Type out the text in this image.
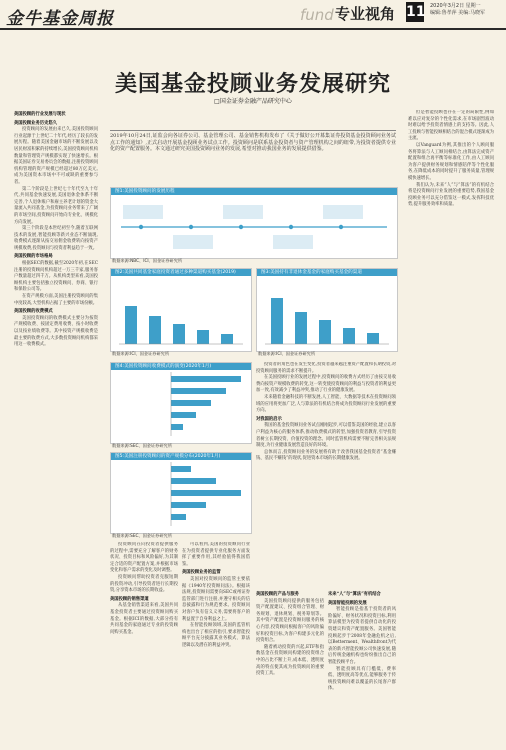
金牛基金周报	fund 专业视角 11 2020年3月2日 星期一
编辑:鲁孝萍 美编:马晓军
美国基金投顾业务发展研究
□国金证券金融产品研究中心

美国投顾的行业发展与现状

美国投顾业务历史悠久

投资顾问的发展由来已久,美国投资顾问行业起源于上世纪二十年代,经历了较长的发展历程。随着美国金融市场的不断发展以及居民财富积累的持续增长,美国投资顾问机构数量和管理资产规模都实现了快速增长。根据美国证券交易委员会的数据,注册投资顾问机构管理的资产规模已经超过80万亿美元,成为美国资本市场中不可或缺的重要参与者。

第二个阶段是上世纪七十年代至九十年代,共同基金快速发展,美国退休金体系不断完善,个人退休账户和雇主养老计划的资金大量流入共同基金,为投资顾问业务带来了广阔的市场空间,投资顾问开始向专业化、规模化方向发展。

第三个阶段是本世纪初至今,随着互联网技术的发展,智能投顾等新兴业态不断涌现,收费模式逐渐从按交易佣金收费转向按资产规模收费,投资顾问与投资者利益趋于一致。

美国投顾的市场格局

根据SEC的数据,截至2020年初,在SEC注册的投资顾问机构超过一万三千家,服务客户数量超过四千万。从机构类型来看,美国投顾机构主要包括独立投资顾问、券商、银行和保险公司等。

在资产规模方面,美国注册投资顾问的集中度较高,大型机构占据了主要的市场份额。

美国投顾的收费模式

美国投资顾问的收费模式主要分为按资产规模收费、按固定费用收费、按小时收费以及按业绩收费等。其中按资产规模收费是最主要的收费方式,大多数投资顾问机构都采用这一收费模式。

2019年10月24日,证监会向各证券公司、基金管理公司、基金销售机构发布了《关于做好公开募集证券投资基金投资顾问业务试点工作的通知》,正式启动开展基金投顾业务试点工作。投资顾问是联系基金投资者与资产管理机构之间的纽带,为投资者提供专业化的资产配置服务。本文通过研究美国投资顾问业务的发展,希望对推动我国业务的发展提供借鉴。
图1:美国投资顾问的发展历程
数据来源:NBC、ICI、国金证券研究所
图2:美国共同基金家庭投资者通过多种渠道购买基金(2019)
数据来源:ICI、国金证券研究所
图3:美国持有非退休金基金的家庭购买基金的渠道
数据来源:ICI、国金证券研究所
图4:美国投资顾问收费模式的演变(2020年1月)
数据来源:SEC、国金证券研究所
图5:美国注册投资顾问的资产规模分布(2020年1月)
数据来源:SEC、国金证券研究所

投资顾问在向投资者提供服务的过程中,需要充分了解客户的财务状况、投资目标和风险偏好,为其制定合适的资产配置方案,并根据市场变化和客户需求的变化及时调整。

投资顾问帮助投资者克服短期的投资冲动,引导投资者进行长期投资,分享资本市场的长期收益。

美国投顾的销售渠道

从基金销售渠道来看,美国共同基金投资者主要通过投资顾问购买基金。根据ICI的数据,大部分持有共同基金的家庭通过专业的投资顾问购买基金。

可以看到,美国的投资顾问行业在为投资者提供专业化服务方面发挥了重要作用,其经验值得我国借鉴。

美国投顾业务的监管

美国对投资顾问的监管主要依据《1940年投资顾问法》。根据该法规,投资顾问需要向SEC或州证券监管部门进行注册,并遵守相关的信息披露和行为规范要求。投资顾问对客户负有信义义务,需要将客户的利益置于自身利益之上。

在智能投顾领域,美国的监管机构也出台了相应的指引,要求智能投顾平台充分披露其业务模式、算法逻辑以及潜在的利益冲突。

投资者的角色也在发生变化,投资者越来越注重资产配置和长期投资,对投资顾问服务的需求不断提升。

在美国投顾行业的发展过程中,投资顾问的收费方式经历了由按交易收费向按资产规模收费的转变,这一转变使投资顾问的利益与投资者的利益更加一致,有效减少了利益冲突,推动了行业的健康发展。

未来随着金融科技的不断发展,人工智能、大数据等技术在投资顾问领域的应用将更加广泛,人与算法的有机结合将成为投资顾问行业发展的重要方向。

对我国的启示

我国的基金投资顾问业务试点刚刚起步,可以借鉴美国的经验,建立以客户利益为核心的服务体系,推动收费模式的转型,加强投资者教育,引导投资者树立长期投资、价值投资的理念。同时监管机构需要不断完善相关法规制度,为行业健康发展营造良好的环境。

总体而言,投资顾问业务的发展将有助于改善我国基金投资者“基金赚钱、基民不赚钱”的现状,促进资本市场的长期健康发展。

美国投顾的产品与服务

美国投资顾问提供的服务包括资产配置建议、投资组合管理、财务规划、退休规划、税务筹划等。其中资产配置是投资顾问服务的核心内容,投资顾问根据客户的风险偏好和投资目标,为客户构建多元化的投资组合。

随着被动投资的兴起,ETF和指数基金在投资顾问构建的投资组合中的占比不断上升,成本低、透明度高的特点使其成为投资顾问的重要投资工具。

未来“人”与“算法”有机结合

美国智能投顾的发展

智能投顾是指基于投资者的风险偏好、财务状况和投资目标,利用算法模型为投资者提供自动化的投资建议和资产配置服务。美国智能投顾起步于2008年金融危机之后,以Betterment、Wealthfront为代表的新兴智能投顾公司快速发展,随后传统金融机构也纷纷推出自己的智能投顾平台。

智能投顾具有门槛低、费率低、透明度高等优点,能够服务于传统投资顾问难以覆盖的长尾客户群体。

但是智能投顾也存在一定的局限性,例如难以应对复杂的个性化需求,在市场剧烈波动时难以给予投资者情感上的支持等。因此,人工投顾与智能投顾相结合的混合模式逐渐成为主流。

以Vanguard为例,其推出的个人顾问服务将算法与人工顾问相结合,由算法完成资产配置和组合再平衡等标准化工作,由人工顾问为客户提供财务规划和情感陪伴等个性化服务,在降低成本的同时提升了服务质量,管理规模快速增长。

我们认为,未来“人”与“算法”的有机结合将是投资顾问行业发展的重要趋势,我国基金投顾业务可以充分借鉴这一模式,发挥科技优势,提升服务效率和质量。
